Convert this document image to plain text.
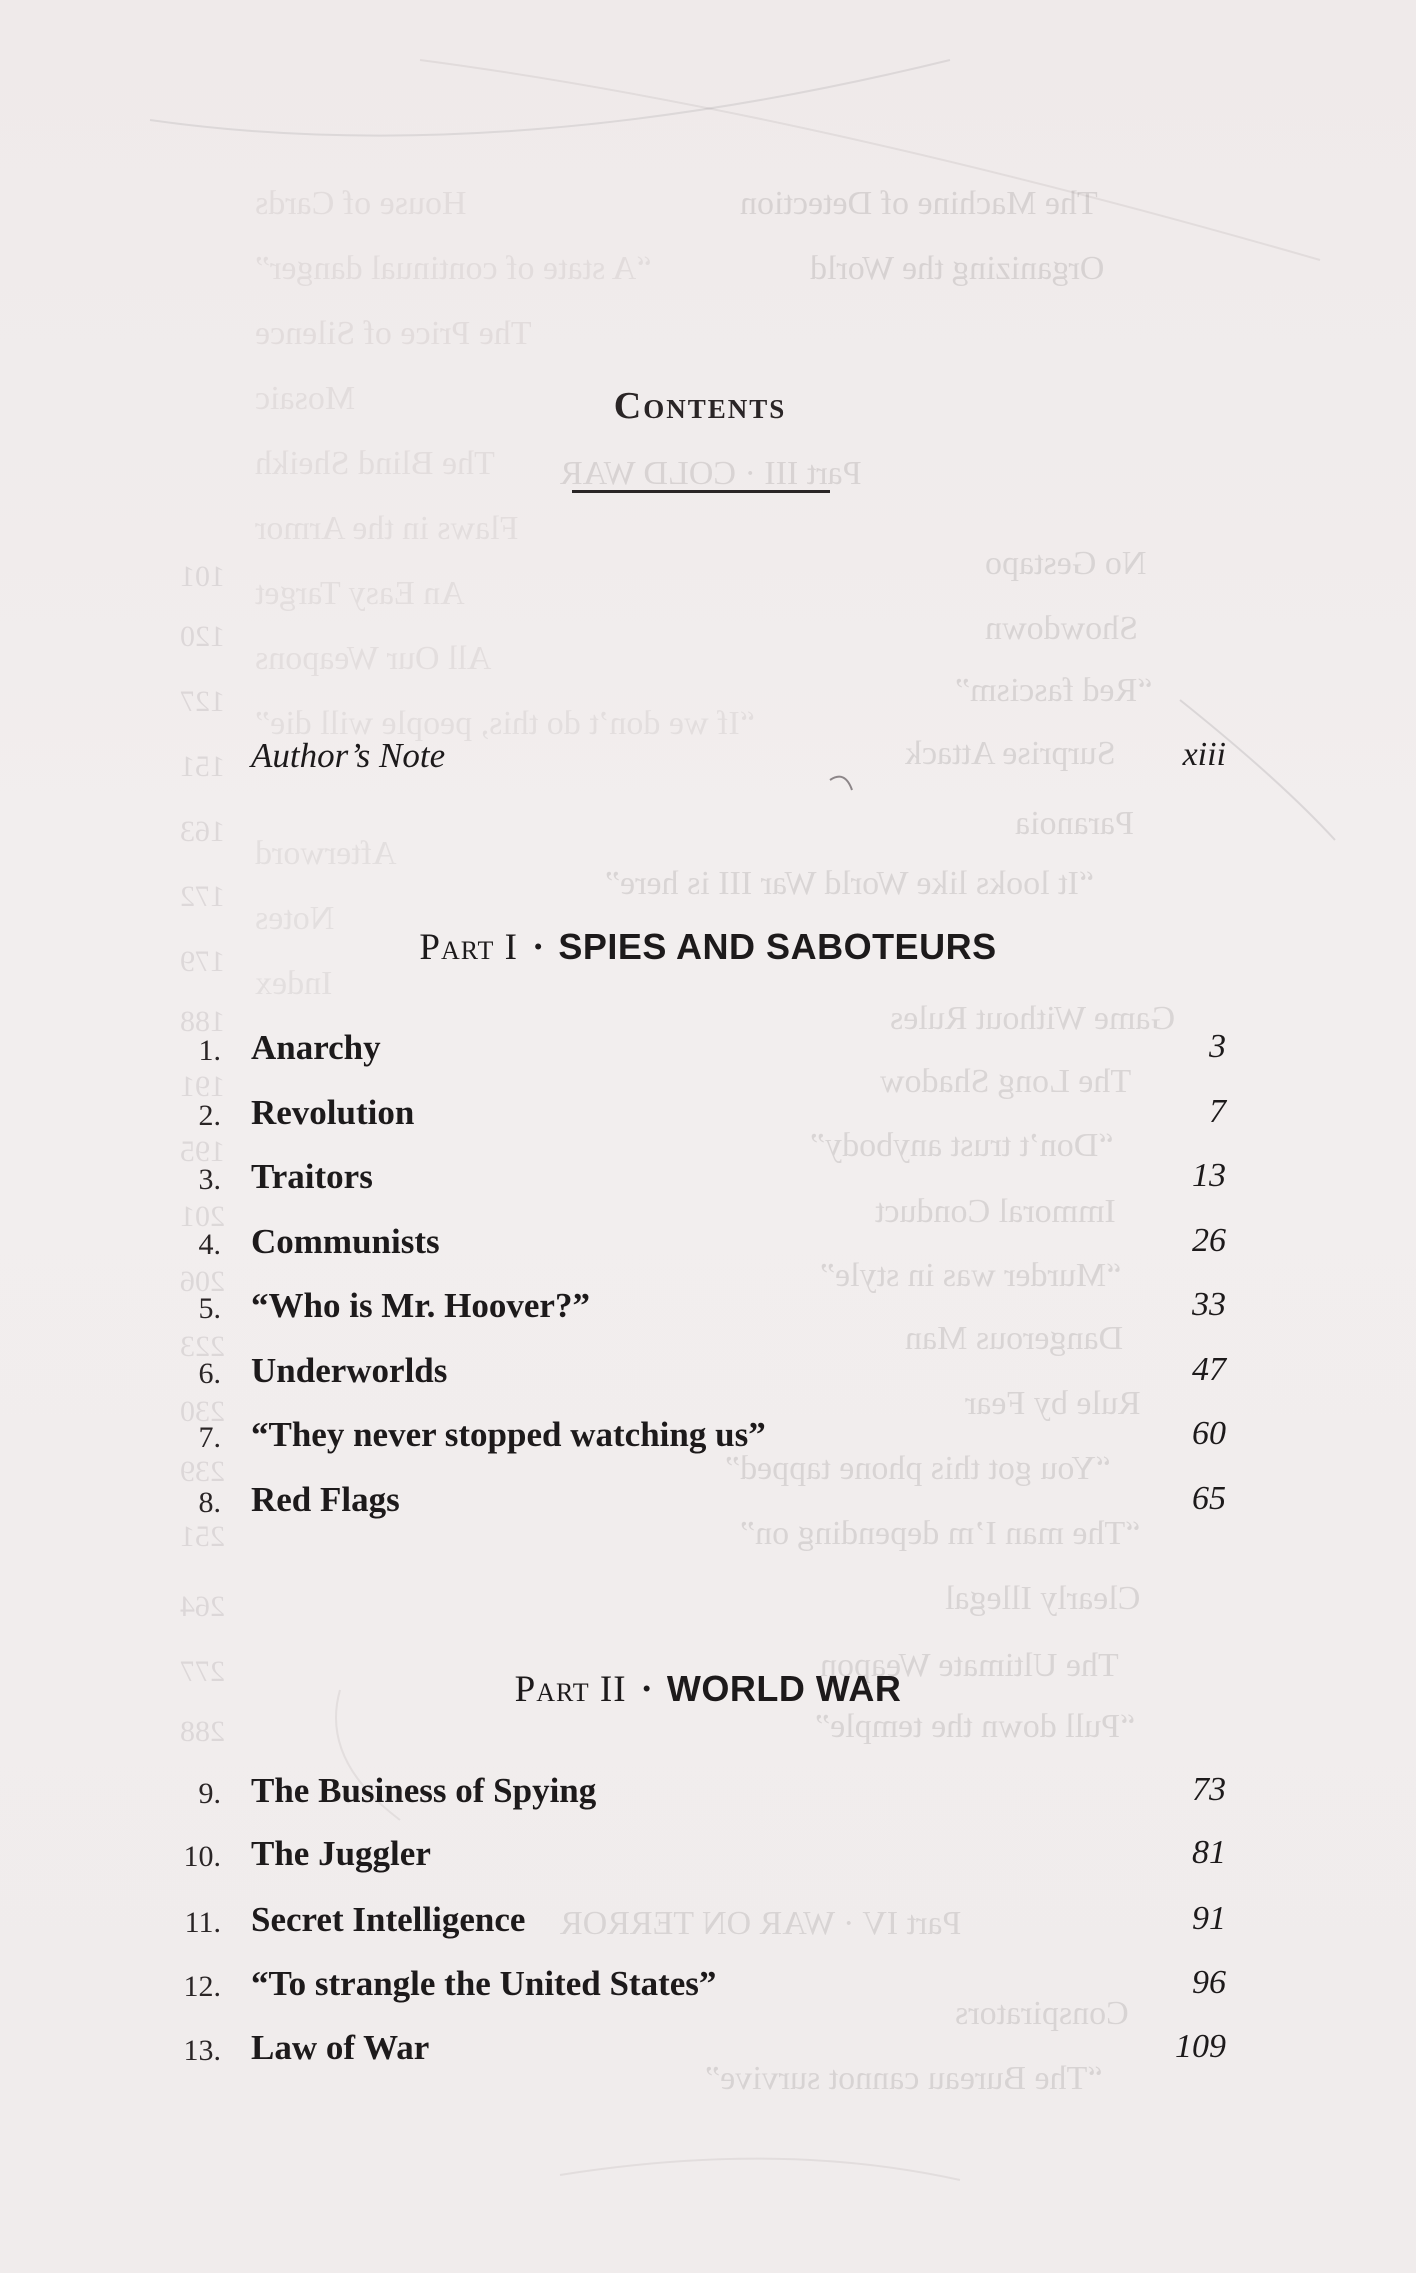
The Machine of Detection
Organizing the World
Part III · COLD WAR
No Gestapo
Showdown
“Red fascism”
Surprise Attack
Paranoia
“It looks like World War III is here”
Game Without Rules
The Long Shadow
“Don’t trust anybody”
Immoral Conduct
“Murder was in style”
Dangerous Man
Rule by Fear
“You got this phone tapped”
“The man I’m depending on”
Clearly Illegal
The Ultimate Weapon
“Pull down the temple”
Part IV · WAR ON TERROR
Conspirators
“The Bureau cannot survive”
House of Cards
“A state of continual danger”
The Price of Silence
Mosaic
The Blind Sheikh
Flaws in the Armor
An Easy Target
All Our Weapons
“If we don’t do this, people will die”
Afterword
Notes
Index
101
120
127
151
163
172
179
188
191
195
201
206
223
230
239
251
264
277
288
Contents
Author’s Note	xiii
Part I · SPIES AND SABOTEURS
1. Anarchy	3
2. Revolution	7
3. Traitors	13
4. Communists	26
5. “Who is Mr. Hoover?”	33
6. Underworlds	47
7. “They never stopped watching us”	60
8. Red Flags	65
Part II · WORLD WAR
9. The Business of Spying	73
10. The Juggler	81
11. Secret Intelligence	91
12. “To strangle the United States”	96
13. Law of War	109
